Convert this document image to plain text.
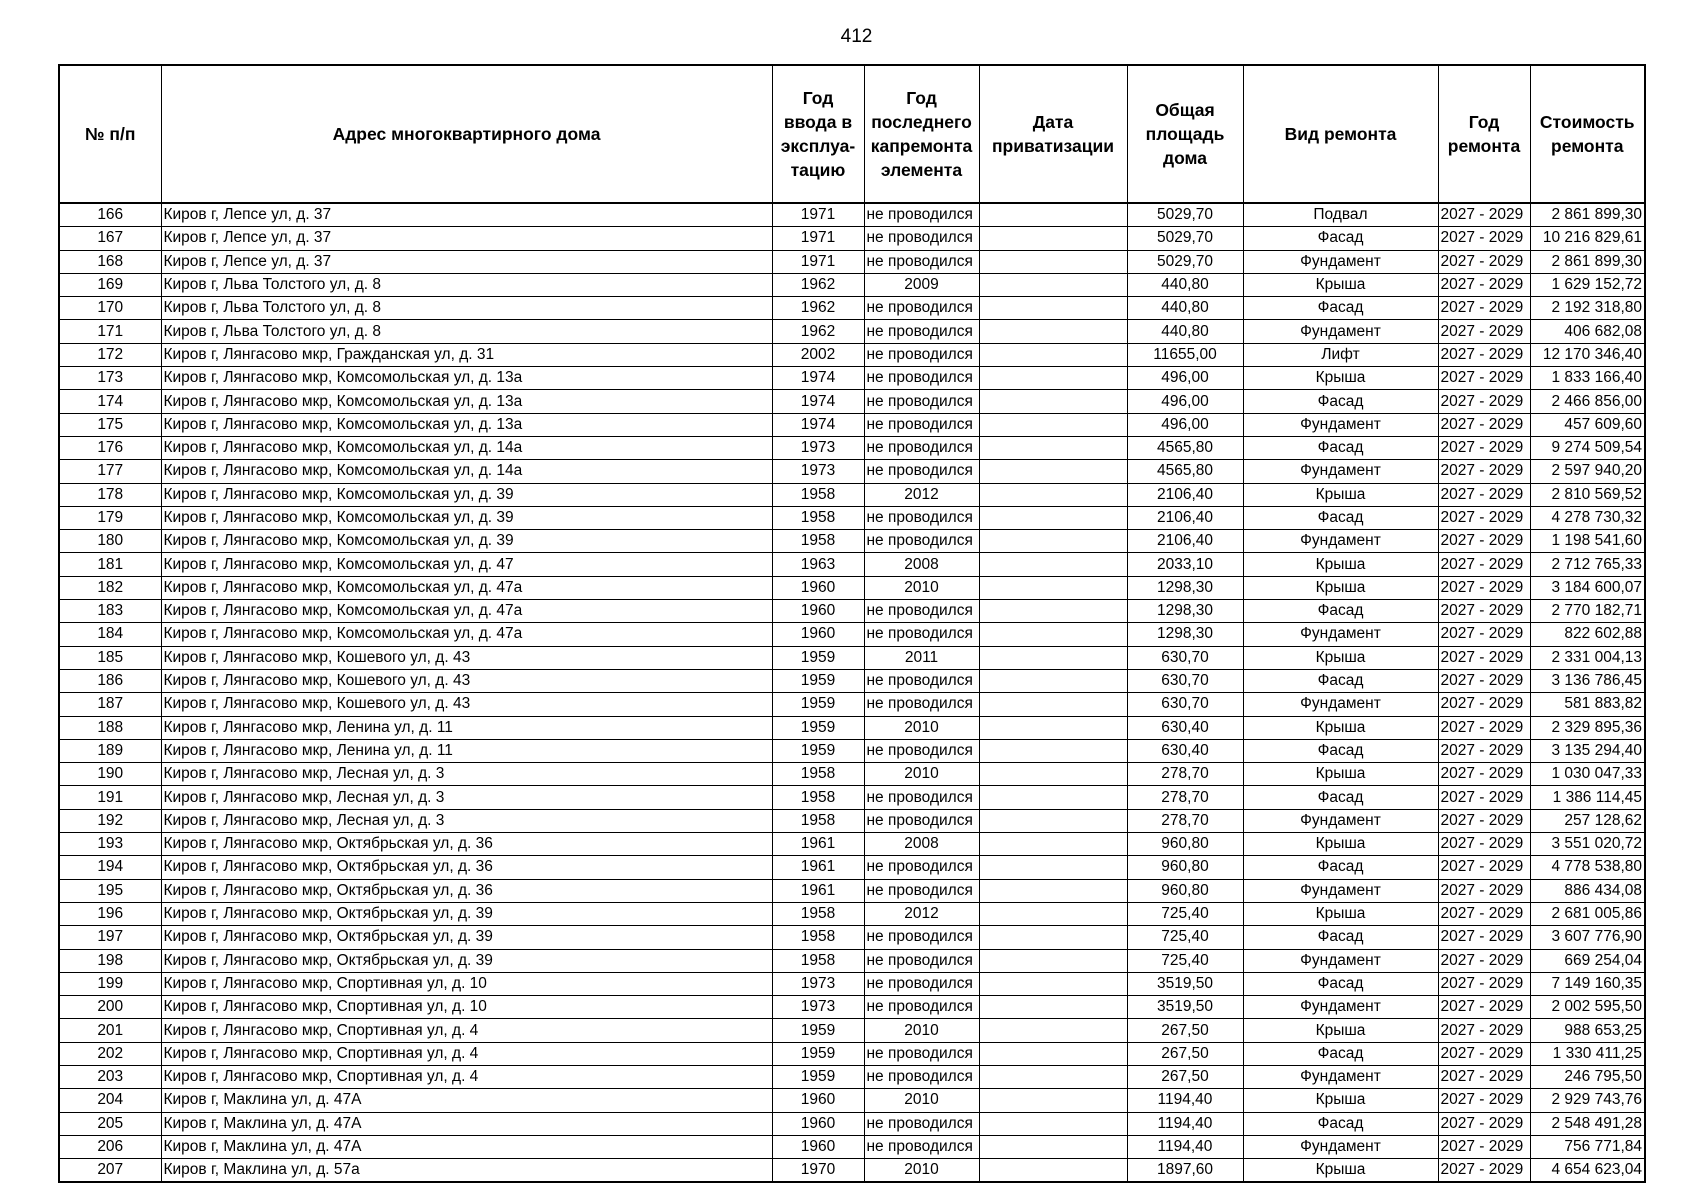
412
№ п/п	Адрес многоквартирного дома	Год ввода в эксплуа-тацию	Год последнего капремонта элемента	Дата приватизации	Общая площадь дома	Вид ремонта	Год ремонта	Стоимость ремонта
166	Киров г, Лепсе ул, д. 37	1971	не проводился		5029,70	Подвал	2027 - 2029	2 861 899,30
167	Киров г, Лепсе ул, д. 37	1971	не проводился		5029,70	Фасад	2027 - 2029	10 216 829,61
168	Киров г, Лепсе ул, д. 37	1971	не проводился		5029,70	Фундамент	2027 - 2029	2 861 899,30
169	Киров г, Льва Толстого ул, д. 8	1962	2009		440,80	Крыша	2027 - 2029	1 629 152,72
170	Киров г, Льва Толстого ул, д. 8	1962	не проводился		440,80	Фасад	2027 - 2029	2 192 318,80
171	Киров г, Льва Толстого ул, д. 8	1962	не проводился		440,80	Фундамент	2027 - 2029	406 682,08
172	Киров г, Лянгасово мкр, Гражданская ул, д. 31	2002	не проводился		11655,00	Лифт	2027 - 2029	12 170 346,40
173	Киров г, Лянгасово мкр, Комсомольская ул, д. 13а	1974	не проводился		496,00	Крыша	2027 - 2029	1 833 166,40
174	Киров г, Лянгасово мкр, Комсомольская ул, д. 13а	1974	не проводился		496,00	Фасад	2027 - 2029	2 466 856,00
175	Киров г, Лянгасово мкр, Комсомольская ул, д. 13а	1974	не проводился		496,00	Фундамент	2027 - 2029	457 609,60
176	Киров г, Лянгасово мкр, Комсомольская ул, д. 14а	1973	не проводился		4565,80	Фасад	2027 - 2029	9 274 509,54
177	Киров г, Лянгасово мкр, Комсомольская ул, д. 14а	1973	не проводился		4565,80	Фундамент	2027 - 2029	2 597 940,20
178	Киров г, Лянгасово мкр, Комсомольская ул, д. 39	1958	2012		2106,40	Крыша	2027 - 2029	2 810 569,52
179	Киров г, Лянгасово мкр, Комсомольская ул, д. 39	1958	не проводился		2106,40	Фасад	2027 - 2029	4 278 730,32
180	Киров г, Лянгасово мкр, Комсомольская ул, д. 39	1958	не проводился		2106,40	Фундамент	2027 - 2029	1 198 541,60
181	Киров г, Лянгасово мкр, Комсомольская ул, д. 47	1963	2008		2033,10	Крыша	2027 - 2029	2 712 765,33
182	Киров г, Лянгасово мкр, Комсомольская ул, д. 47а	1960	2010		1298,30	Крыша	2027 - 2029	3 184 600,07
183	Киров г, Лянгасово мкр, Комсомольская ул, д. 47а	1960	не проводился		1298,30	Фасад	2027 - 2029	2 770 182,71
184	Киров г, Лянгасово мкр, Комсомольская ул, д. 47а	1960	не проводился		1298,30	Фундамент	2027 - 2029	822 602,88
185	Киров г, Лянгасово мкр, Кошевого ул, д. 43	1959	2011		630,70	Крыша	2027 - 2029	2 331 004,13
186	Киров г, Лянгасово мкр, Кошевого ул, д. 43	1959	не проводился		630,70	Фасад	2027 - 2029	3 136 786,45
187	Киров г, Лянгасово мкр, Кошевого ул, д. 43	1959	не проводился		630,70	Фундамент	2027 - 2029	581 883,82
188	Киров г, Лянгасово мкр, Ленина ул, д. 11	1959	2010		630,40	Крыша	2027 - 2029	2 329 895,36
189	Киров г, Лянгасово мкр, Ленина ул, д. 11	1959	не проводился		630,40	Фасад	2027 - 2029	3 135 294,40
190	Киров г, Лянгасово мкр, Лесная ул, д. 3	1958	2010		278,70	Крыша	2027 - 2029	1 030 047,33
191	Киров г, Лянгасово мкр, Лесная ул, д. 3	1958	не проводился		278,70	Фасад	2027 - 2029	1 386 114,45
192	Киров г, Лянгасово мкр, Лесная ул, д. 3	1958	не проводился		278,70	Фундамент	2027 - 2029	257 128,62
193	Киров г, Лянгасово мкр, Октябрьская ул, д. 36	1961	2008		960,80	Крыша	2027 - 2029	3 551 020,72
194	Киров г, Лянгасово мкр, Октябрьская ул, д. 36	1961	не проводился		960,80	Фасад	2027 - 2029	4 778 538,80
195	Киров г, Лянгасово мкр, Октябрьская ул, д. 36	1961	не проводился		960,80	Фундамент	2027 - 2029	886 434,08
196	Киров г, Лянгасово мкр, Октябрьская ул, д. 39	1958	2012		725,40	Крыша	2027 - 2029	2 681 005,86
197	Киров г, Лянгасово мкр, Октябрьская ул, д. 39	1958	не проводился		725,40	Фасад	2027 - 2029	3 607 776,90
198	Киров г, Лянгасово мкр, Октябрьская ул, д. 39	1958	не проводился		725,40	Фундамент	2027 - 2029	669 254,04
199	Киров г, Лянгасово мкр, Спортивная ул, д. 10	1973	не проводился		3519,50	Фасад	2027 - 2029	7 149 160,35
200	Киров г, Лянгасово мкр, Спортивная ул, д. 10	1973	не проводился		3519,50	Фундамент	2027 - 2029	2 002 595,50
201	Киров г, Лянгасово мкр, Спортивная ул, д. 4	1959	2010		267,50	Крыша	2027 - 2029	988 653,25
202	Киров г, Лянгасово мкр, Спортивная ул, д. 4	1959	не проводился		267,50	Фасад	2027 - 2029	1 330 411,25
203	Киров г, Лянгасово мкр, Спортивная ул, д. 4	1959	не проводился		267,50	Фундамент	2027 - 2029	246 795,50
204	Киров г, Маклина ул, д. 47А	1960	2010		1194,40	Крыша	2027 - 2029	2 929 743,76
205	Киров г, Маклина ул, д. 47А	1960	не проводился		1194,40	Фасад	2027 - 2029	2 548 491,28
206	Киров г, Маклина ул, д. 47А	1960	не проводился		1194,40	Фундамент	2027 - 2029	756 771,84
207	Киров г, Маклина ул, д. 57а	1970	2010		1897,60	Крыша	2027 - 2029	4 654 623,04
